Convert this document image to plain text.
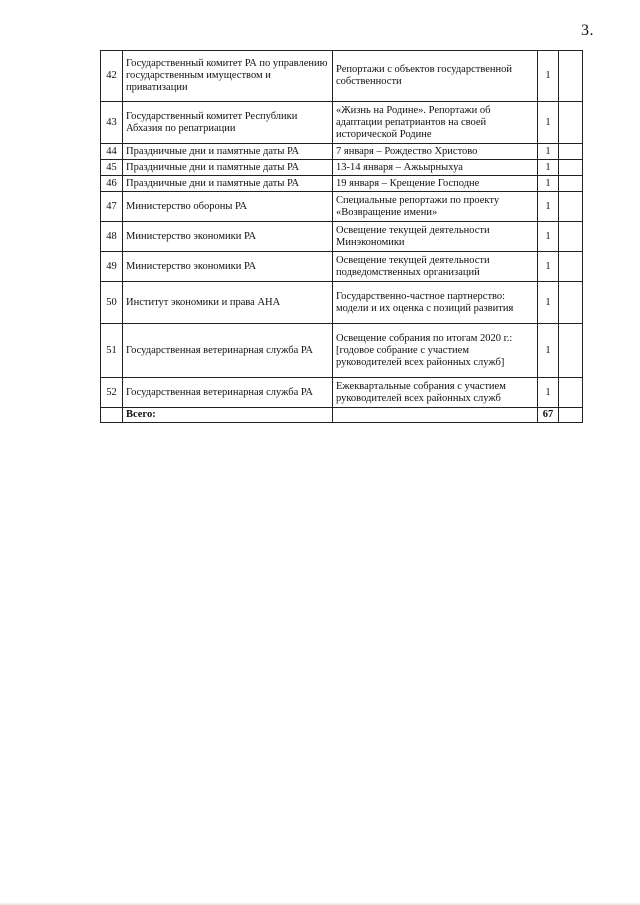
3.
42	Государственный комитет РА по управлению государственным имуществом и приватизации	Репортажи с объектов государственной собственности	1	
43	Государственный комитет Республики Абхазия по репатриации	«Жизнь на Родине». Репортажи об адаптации репатриантов на своей исторической Родине	1	
44	Праздничные дни и памятные даты РА	7 января – Рождество Христово	1	
45	Праздничные дни и памятные даты РА	13-14 января – Ажьырныхуа	1	
46	Праздничные дни и памятные даты РА	19 января – Крещение Господне	1	
47	Министерство обороны РА	Специальные репортажи по проекту «Возвращение имени»	1	
48	Министерство экономики РА	Освещение текущей деятельности Минэкономики	1	
49	Министерство экономики РА	Освещение текущей деятельности подведомственных организаций	1	
50	Институт экономики и права АНА	Государственно-частное партнерство: модели и их оценка с позиций развития	1	
51	Государственная ветеринарная служба РА	Освещение собрания по итогам 2020 г.: [годовое собрание с участием руководителей всех районных служб]	1	
52	Государственная ветеринарная служба РА	Ежеквартальные собрания с участием руководителей всех районных служб	1	
	Всего:		67	
